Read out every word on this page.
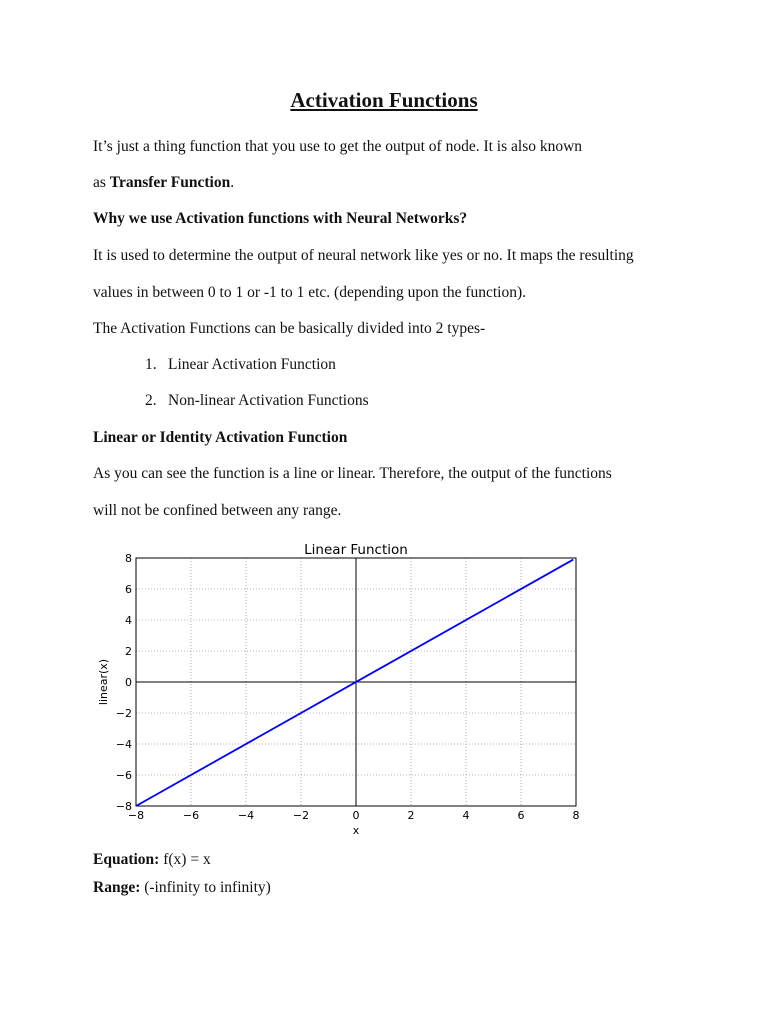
Activation Functions
It’s just a thing function that you use to get the output of node. It is also known
as Transfer Function.
Why we use Activation functions with Neural Networks?
It is used to determine the output of neural network like yes or no. It maps the resulting
values in between 0 to 1 or -1 to 1 etc. (depending upon the function).
The Activation Functions can be basically divided into 2 types-
1. Linear Activation Function
2. Non-linear Activation Functions
Linear or Identity Activation Function
As you can see the function is a line or linear. Therefore, the output of the functions
will not be confined between any range.
−8	−6	−4	−2	0	2	4	6	8
8
6
4
2
0
−2
−4
−6
−8
Linear Function
x
linear(x)
Equation: f(x) = x
Range: (-infinity to infinity)
